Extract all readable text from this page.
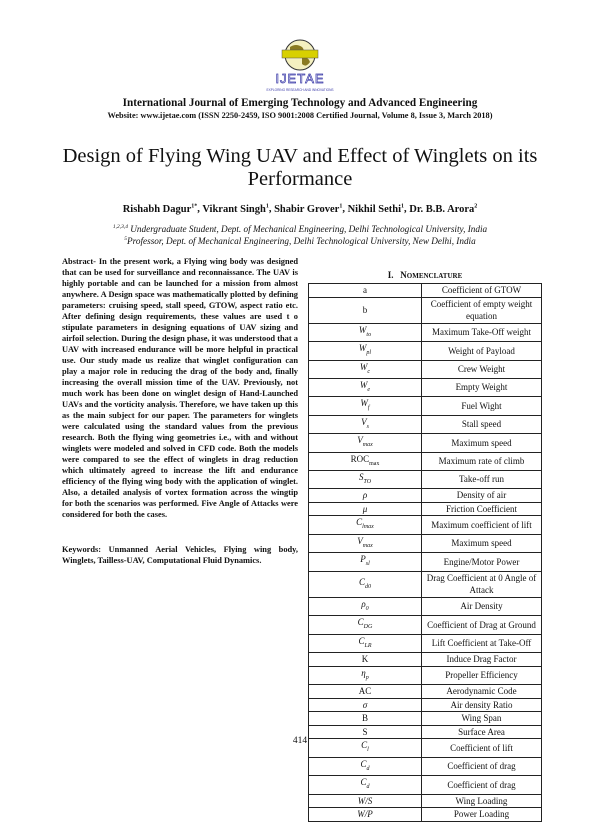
IJETAE
EXPLORING RESEARCH AND INNOVATIONS
International Journal of Emerging Technology and Advanced Engineering
Website: www.ijetae.com (ISSN 2250-2459, ISO 9001:2008 Certified Journal, Volume 8, Issue 3, March 2018)
Design of Flying Wing UAV and Effect of Winglets on its Performance
Rishabh Dagur$^{1*}$, Vikrant Singh$^1$, Shabir Grover$^1$, Nikhil Sethi$^1$, Dr. B.B. Arora$^2$
$^{1,2,3,4}$ Undergraduate Student, Dept. of Mechanical Engineering, Delhi Technological University, India
$^5$Professor, Dept. of Mechanical Engineering, Delhi Technological University, New Delhi, India
Abstract- In the present work, a Flying wing body was designed that can be used for surveillance and reconnaissance. The UAV is highly portable and can be launched for a mission from almost anywhere. A Design space was mathematically plotted by defining parameters: cruising speed, stall speed, GTOW, aspect ratio etc. After defining design requirements, these values are used t o stipulate parameters in designing equations of UAV sizing and airfoil selection. During the design phase, it was understood that a UAV with increased endurance will be more helpful in practical use. Our study made us realize that winglet configuration can play a major role in reducing the drag of the body and, finally increasing the overall mission time of the UAV. Previously, not much work has been done on winglet design of Hand-Launched UAVs and the vorticity analysis. Therefore, we have taken up this as the main subject for our paper. The parameters for winglets were calculated using the standard values from the previous research. Both the flying wing geometries i.e., with and without winglets were modeled and solved in CFD code. Both the models were compared to see the effect of winglets in drag reduction which ultimately agreed to increase the lift and endurance efficiency of the flying wing body with the application of winglet. Also, a detailed analysis of vortex formation across the wingtip for both the scenarios was performed. Five Angle of Attacks were considered for both the cases.
Keywords: Unmanned Aerial Vehicles, Flying wing body, Winglets, Tailless-UAV, Computational Fluid Dynamics.
I. NOMENCLATURE
a	Coefficient of GTOW
b	Coefficient of empty weight equation
$W_{to}$	Maximum Take-Off weight
$W_{pl}$	Weight of Payload
$W_c$	Crew Weight
$W_e$	Empty Weight
$W_f$	Fuel Wight
$V_s$	Stall speed
$V_{max}$	Maximum speed
$ROC_{max}$	Maximum rate of climb
$S_{TO}$	Take-off run
ρ	Density of air
μ	Friction Coefficient
$C_{lmax}$	Maximum coefficient of lift
$V_{max}$	Maximum speed
$P_{sl}$	Engine/Motor Power
$C_{d0}$	Drag Coefficient at 0 Angle of Attack
$\rho_0$	Air Density
$C_{DG}$	Coefficient of Drag at Ground
$C_{LR}$	Lift Coefficient at Take-Off
K	Induce Drag Factor
$\eta_p$	Propeller Efficiency
AC	Aerodynamic Code
σ	Air density Ratio
B	Wing Span
S	Surface Area
$C_l$	Coefficient of lift
$C_d$	Coefficient of drag
$C_d$	Coefficient of drag
W/S	Wing Loading
W/P	Power Loading
414
